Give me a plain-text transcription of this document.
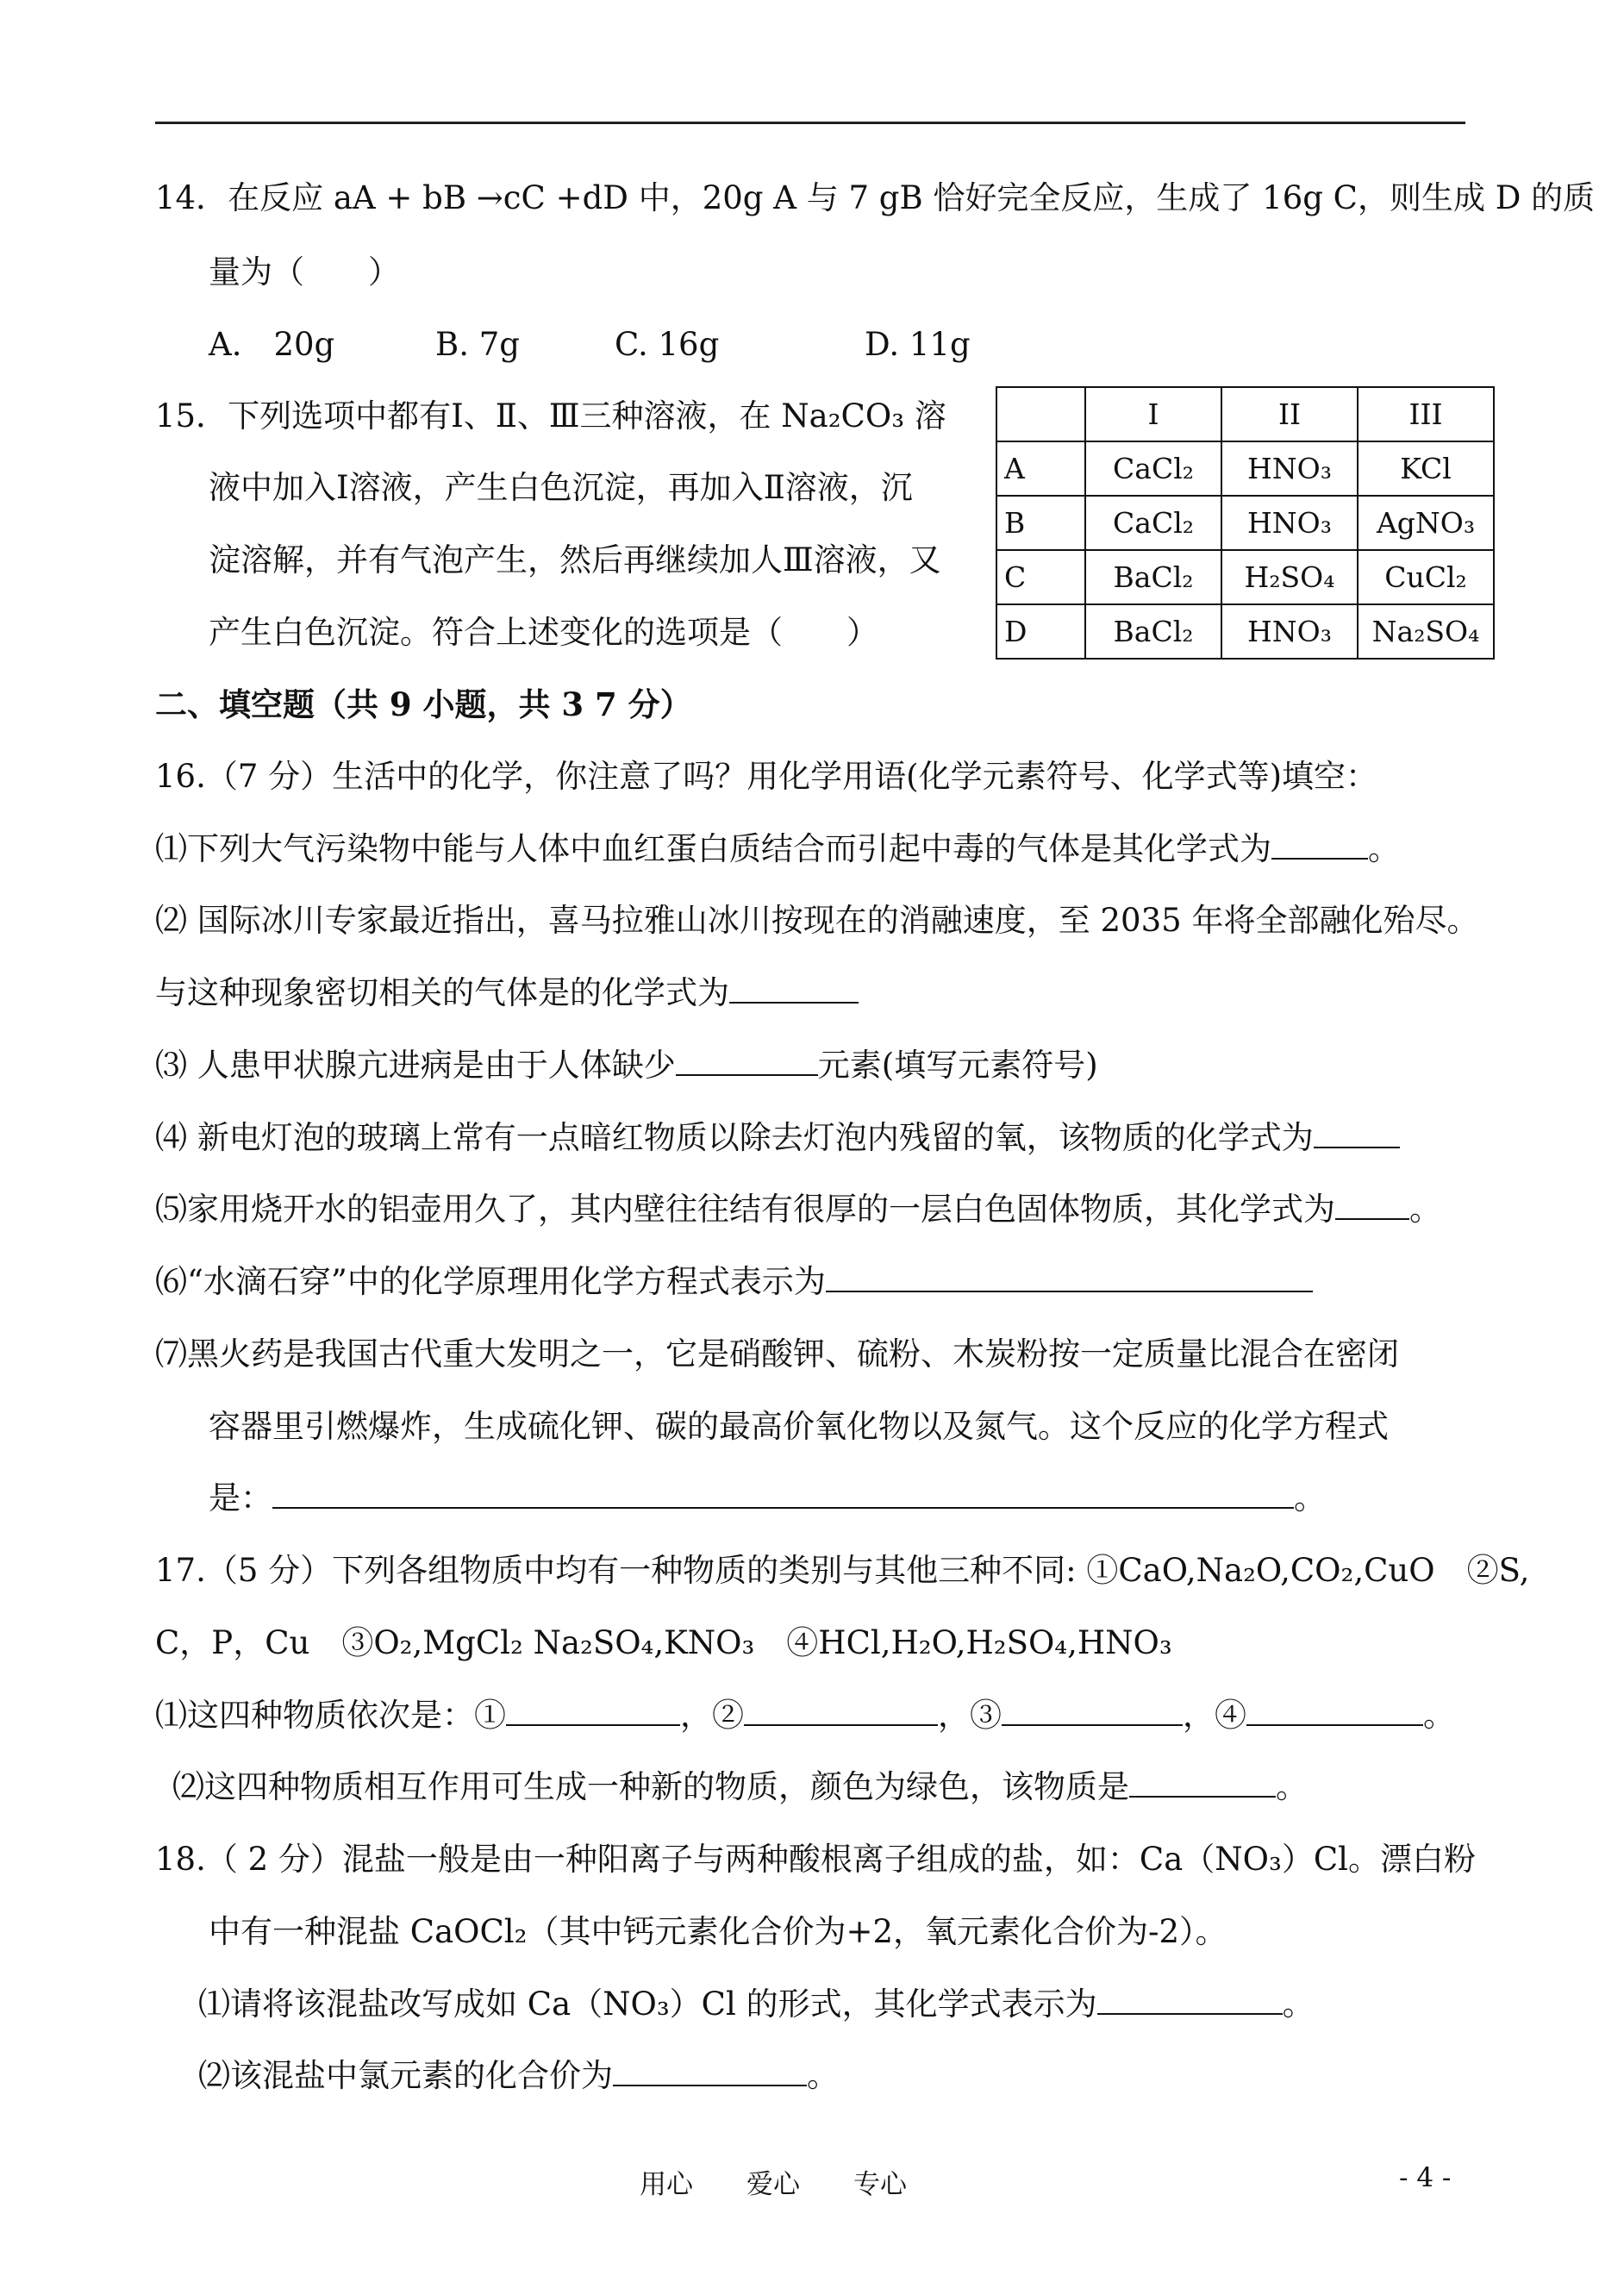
14．在反应 aA + bB →cC +dD 中，20g A 与 7 gB 恰好完全反应，生成了 16g C，则生成 D 的质
量为（　　）
A.　20g	B. 7g	C. 16g	D. 11g
15．下列选项中都有Ⅰ、Ⅱ、Ⅲ三种溶液，在 Na₂CO₃ 溶
液中加入Ⅰ溶液，产生白色沉淀，再加入Ⅱ溶液，沉
淀溶解，并有气泡产生，然后再继续加人Ⅲ溶液，又
产生白色沉淀。符合上述变化的选项是（　　）
	I	II	III
A	CaCl₂	HNO₃	KCl
B	CaCl₂	HNO₃	AgNO₃
C	BaCl₂	H₂SO₄	CuCl₂
D	BaCl₂	HNO₃	Na₂SO₄
二、填空题（共 9 小题，共 3 7 分）
16.（7 分）生活中的化学，你注意了吗？用化学用语(化学元素符号、化学式等)填空：
⑴下列大气污染物中能与人体中血红蛋白质结合而引起中毒的气体是其化学式为	。
⑵ 国际冰川专家最近指出，喜马拉雅山冰川按现在的消融速度，至 2035 年将全部融化殆尽。
与这种现象密切相关的气体是的化学式为
⑶ 人患甲状腺亢进病是由于人体缺少	元素(填写元素符号)
⑷ 新电灯泡的玻璃上常有一点暗红物质以除去灯泡内残留的氧，该物质的化学式为
⑸家用烧开水的铝壶用久了，其内壁往往结有很厚的一层白色固体物质，其化学式为 。
⑹“水滴石穿”中的化学原理用化学方程式表示为
⑺黑火药是我国古代重大发明之一，它是硝酸钾、硫粉、木炭粉按一定质量比混合在密闭
容器里引燃爆炸，生成硫化钾、碳的最高价氧化物以及氮气。这个反应的化学方程式
是：	。
17.（5 分）下列各组物质中均有一种物质的类别与其他三种不同: ①CaO,Na₂O,CO₂,CuO　②S,
C，P，Cu　③O₂,MgCl₂ Na₂SO₄,KNO₃　④HCl,H₂O,H₂SO₄,HNO₃
⑴这四种物质依次是：①	，②	，③	，④	。
⑵这四种物质相互作用可生成一种新的物质，颜色为绿色，该物质是	。
18.（ 2 分）混盐一般是由一种阳离子与两种酸根离子组成的盐，如：Ca（NO₃）Cl。漂白粉
中有一种混盐 CaOCl₂（其中钙元素化合价为+2，氧元素化合价为-2）。
⑴请将该混盐改写成如 Ca（NO₃）Cl 的形式，其化学式表示为	。
⑵该混盐中氯元素的化合价为	。
用心　　爱心　　专心	- 4 -
